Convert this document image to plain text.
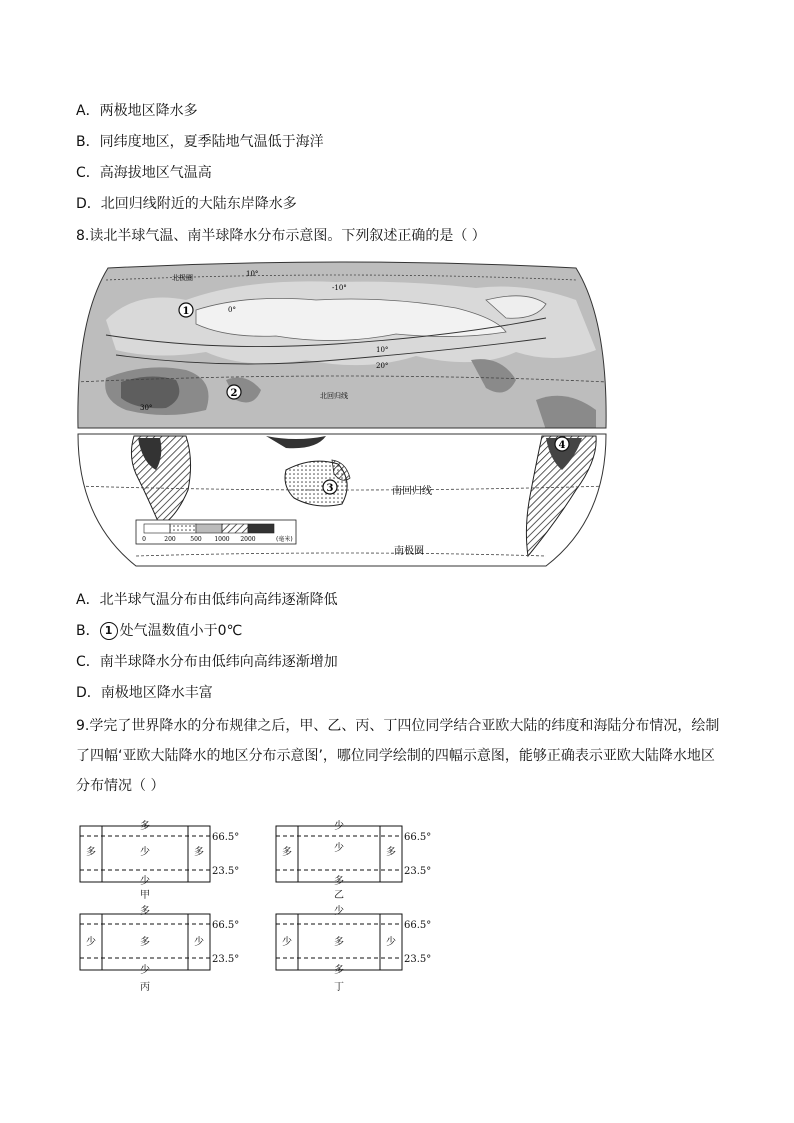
A．两极地区降水多
B．同纬度地区，夏季陆地气温低于海洋
C．高海拔地区气温高
D．北回归线附近的大陆东岸降水多
8.读北半球气温、南半球降水分布示意图。下列叙述正确的是（ ）
1
2
3
4
北极圈
北回归线
南回归线
南极圈
10°
0°
-10°
10°
20°
30°
0	200 500 1000 2000	(毫米)
A．北半球气温分布由低纬向高纬逐渐降低
B． 1 处气温数值小于0℃
C．南半球降水分布由低纬向高纬逐渐增加
D．南极地区降水丰富
9.学完了世界降水的分布规律之后，甲、乙、丙、丁四位同学结合亚欧大陆的纬度和海陆分布情况，绘制了四幅‘亚欧大陆降水的地区分布示意图’，哪位同学绘制的四幅示意图，能够正确表示亚欧大陆降水地区分布情况（ ）
多
多	少	多
少
66.5°
23.5°
甲
少
多	少	多
多
66.5°
23.5°
乙
多
少	多	少
少
66.5°
23.5°
丙
少
少	多	少
多
66.5°
23.5°
丁
